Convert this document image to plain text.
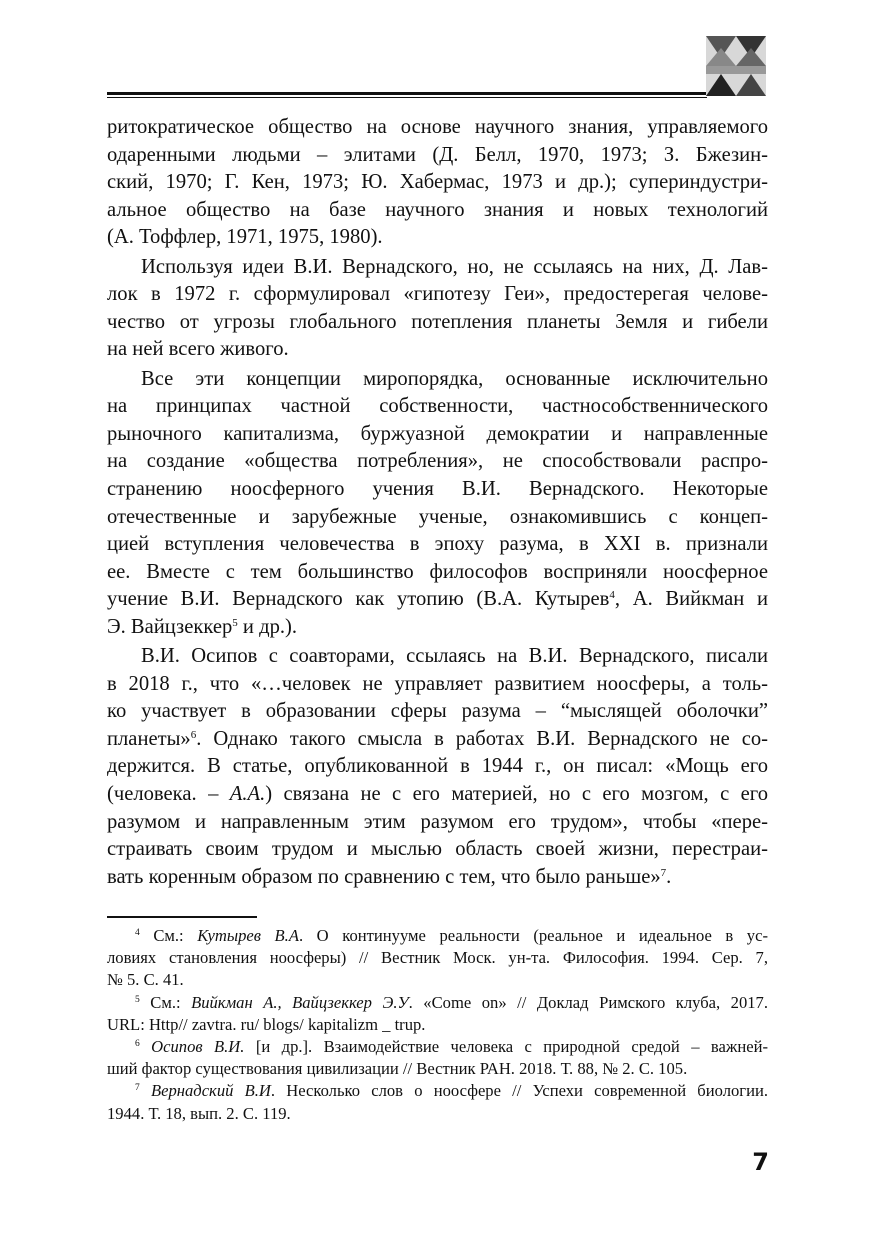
ритократическое общество на основе научного знания, управляемого
одаренными людьми – элитами (Д. Белл, 1970, 1973; З. Бжезин-
ский, 1970; Г. Кен, 1973; Ю. Хабермас, 1973 и др.); супериндустри-
альное общество на базе научного знания и новых технологий
(А. Тоффлер, 1971, 1975, 1980).
Используя идеи В.И. Вернадского, но, не ссылаясь на них, Д. Лав-
лок в 1972 г. сформулировал «гипотезу Геи», предостерегая челове-
чество от угрозы глобального потепления планеты Земля и гибели
на ней всего живого.
Все эти концепции миропорядка, основанные исключительно
на принципах частной собственности, частнособственнического
рыночного капитализма, буржуазной демократии и направленные
на создание «общества потребления», не способствовали распро-
странению ноосферного учения В.И. Вернадского. Некоторые
отечественные и зарубежные ученые, ознакомившись с концеп-
цией вступления человечества в эпоху разума, в XXI в. признали
ее. Вместе с тем большинство философов восприняли ноосферное
учение В.И. Вернадского как утопию (В.А. Кутырев$^4$, А. Вийкман и
Э. Вайцзеккер$^5$ и др.).
В.И. Осипов с соавторами, ссылаясь на В.И. Вернадского, писали
в 2018 г., что «…человек не управляет развитием ноосферы, а толь-
ко участвует в образовании сферы разума – “мыслящей оболочки”
планеты»$^6$. Однако такого смысла в работах В.И. Вернадского не со-
держится. В статье, опубликованной в 1944 г., он писал: «Мощь его
(человека. – А.А.) связана не с его материей, но с его мозгом, с его
разумом и направленным этим разумом его трудом», чтобы «пере-
страивать своим трудом и мыслью область своей жизни, перестраи-
вать коренным образом по сравнению с тем, что было раньше»$^7$.
$^4$ См.: Кутырев В.А. О континууме реальности (реальное и идеальное в ус-
ловиях становления ноосферы) // Вестник Моск. ун-та. Философия. 1994. Сер. 7,
№ 5. С. 41.
$^5$ См.: Вийкман А., Вайцзеккер Э.У. «Come on» // Доклад Римского клуба, 2017.
URL: Http// zavtra. ru/ blogs/ kapitalizm _ trup.
$^6$ Осипов В.И. [и др.]. Взаимодействие человека с природной средой – важней-
ший фактор существования цивилизации // Вестник РАН. 2018. Т. 88, № 2. С. 105.
$^7$ Вернадский В.И. Несколько слов о ноосфере // Успехи современной биологии.
1944. Т. 18, вып. 2. С. 119.
7
